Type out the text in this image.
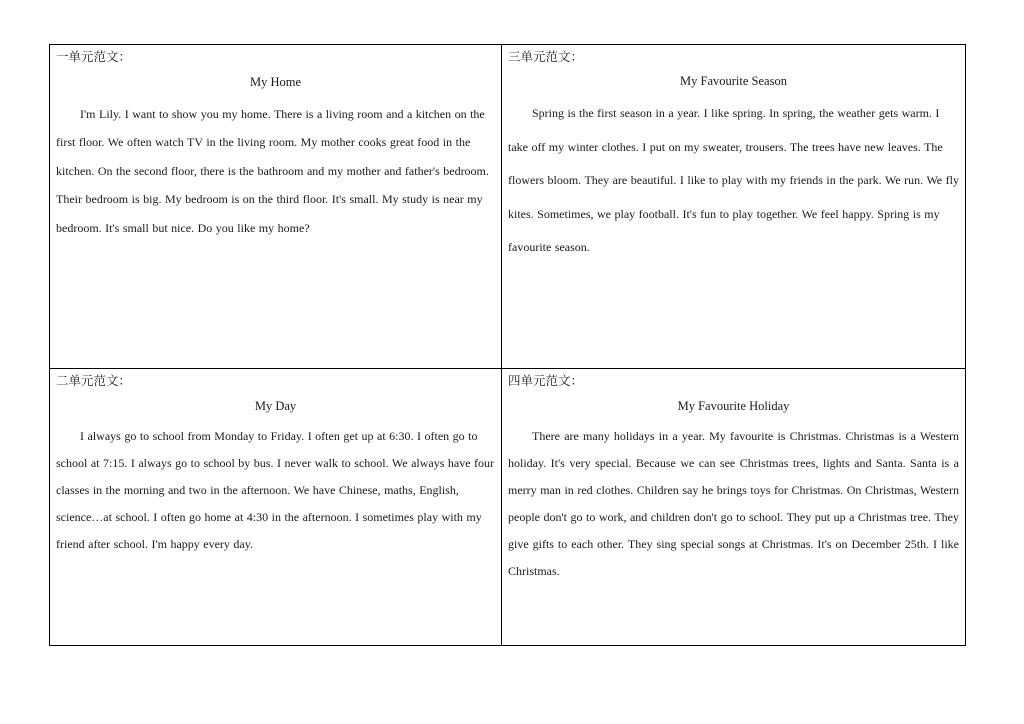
一单元范文：
My Home

I'm Lily. I want to show you my home. There is a living room and a kitchen on the first floor. We often watch TV in the living room. My mother cooks great food in the kitchen. On the second floor, there is the bathroom and my mother and father's bedroom. Their bedroom is big. My bedroom is on the third floor. It's small. My study is near my bedroom. It's small but nice. Do you like my home?

三单元范文：
My Favourite Season

Spring is the first season in a year. I like spring. In spring, the weather gets warm. I take off my winter clothes. I put on my sweater, trousers. The trees have new leaves. The flowers bloom. They are beautiful. I like to play with my friends in the park. We run. We fly kites. Sometimes, we play football. It's fun to play together. We feel happy. Spring is my favourite season.

二单元范文：
My Day

I always go to school from Monday to Friday. I often get up at 6:30. I often go to school at 7:15. I always go to school by bus. I never walk to school. We always have four classes in the morning and two in the afternoon. We have Chinese, maths, English, science…at school. I often go home at 4:30 in the afternoon. I sometimes play with my friend after school. I'm happy every day.

四单元范文：
My Favourite Holiday

There are many holidays in a year. My favourite is Christmas. Christmas is a Western holiday. It's very special. Because we can see Christmas trees, lights and Santa. Santa is a merry man in red clothes. Children say he brings toys for Christmas. On Christmas, Western people don't go to work, and children don't go to school. They put up a Christmas tree. They give gifts to each other. They sing special songs at Christmas. It's on December 25th. I like Christmas.
